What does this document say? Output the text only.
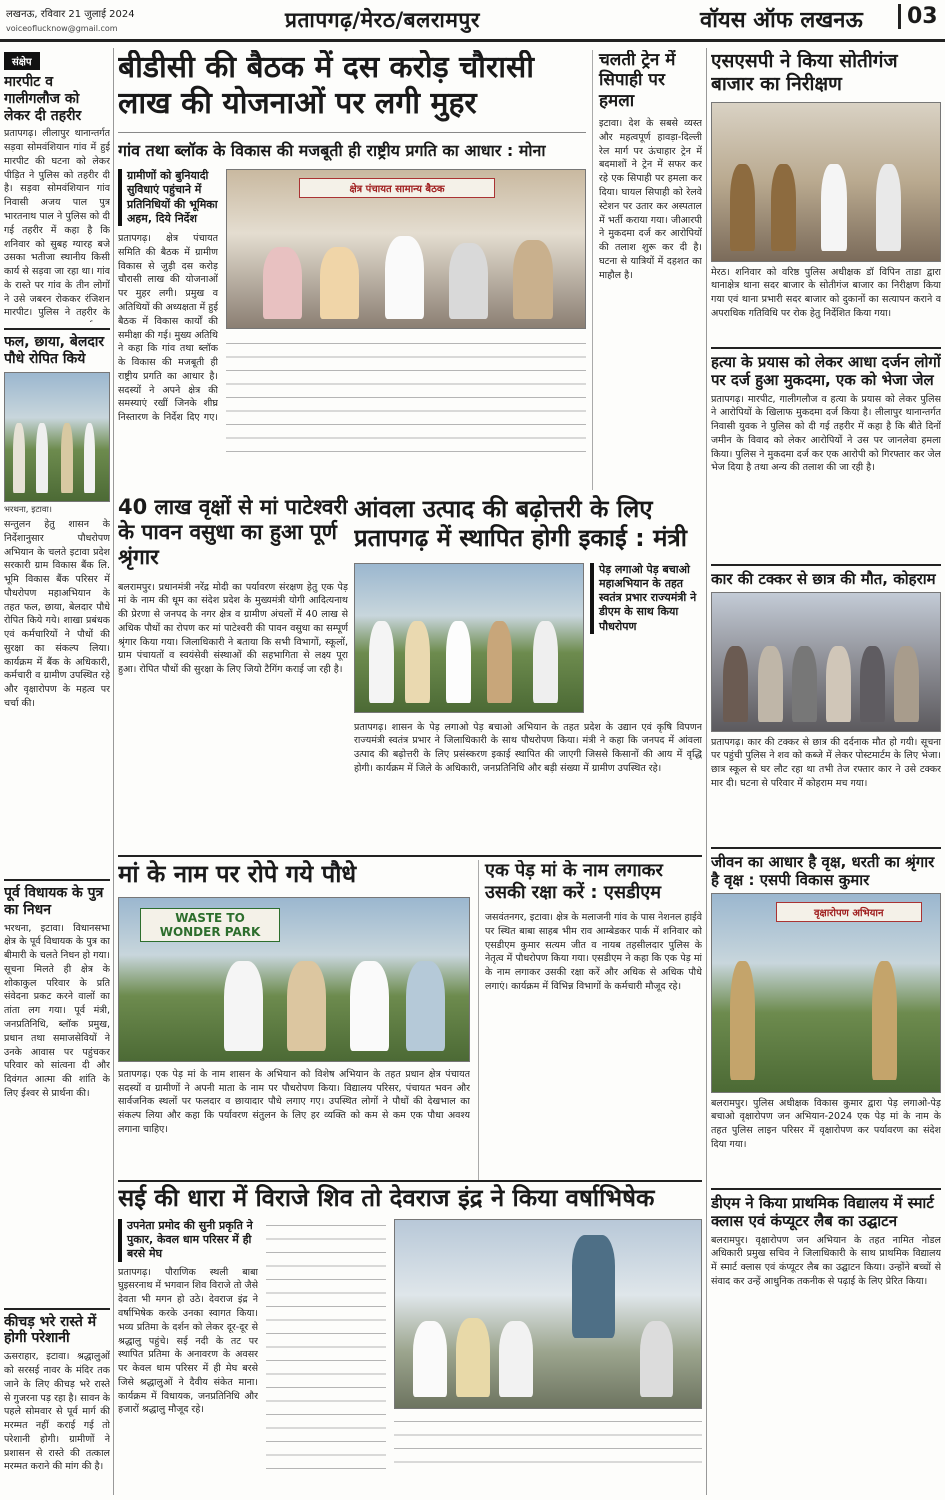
लखनऊ, रविवार 21 जुलाई 2024
voiceoflucknow@gmail.com	प्रतापगढ़/मेरठ/बलरामपुर	वॉयस ऑफ लखनऊ	03
संक्षेप
मारपीट व गालीगलौज को लेकर दी तहरीर
प्रतापगढ़। लीलापुर थानान्तर्गत सड़वा सोमवंशियान गांव में हुई मारपीट की घटना को लेकर पीड़ित ने पुलिस को तहरीर दी है। सड़वा सोमवंशियान गांव निवासी अजय पाल पुत्र भारतनाथ पाल ने पुलिस को दी गई तहरीर में कहा है कि शनिवार को सुबह ग्यारह बजे उसका भतीजा स्थानीय किसी कार्य से सड़वा जा रहा था। गांव के रास्ते पर गांव के तीन लोगों ने उसे जबरन रोककर रंजिशन मारपीट। पुलिस ने तहरीर के
फल, छाया, बेलदार पौधे रोपित किये
भरथना, इटावा।
सन्तुलन हेतु शासन के निर्देशानुसार पौधरोपण अभियान के चलते इटावा प्रदेश सरकारी ग्राम विकास बैंक लि. भूमि विकास बैंक परिसर में पौधरोपण महाअभियान के तहत फल, छाया, बेलदार पौधे रोपित किये गये। शाखा प्रबंधक एवं कर्मचारियों ने पौधों की सुरक्षा का संकल्प लिया। कार्यक्रम में बैंक के अधिकारी, कर्मचारी व ग्रामीण उपस्थित रहे और वृक्षारोपण के महत्व पर चर्चा की।
पूर्व विधायक के पुत्र का निधन
भरथना, इटावा। विधानसभा क्षेत्र के पूर्व विधायक के पुत्र का बीमारी के चलते निधन हो गया। सूचना मिलते ही क्षेत्र के शोकाकुल परिवार के प्रति संवेदना प्रकट करने वालों का तांता लग गया। पूर्व मंत्री, जनप्रतिनिधि, ब्लॉक प्रमुख, प्रधान तथा समाजसेवियों ने उनके आवास पर पहुंचकर परिवार को सांत्वना दी और दिवंगत आत्मा की शांति के लिए ईश्वर से प्रार्थना की।
कीचड़ भरे रास्ते में होगी परेशानी
ऊसराहार, इटावा। श्रद्धालुओं को सरसई नावर के मंदिर तक जाने के लिए कीचड़ भरे रास्ते से गुजरना पड़ रहा है। सावन के पहले सोमवार से पूर्व मार्ग की मरम्मत नहीं कराई गई तो परेशानी होगी। ग्रामीणों ने प्रशासन से रास्ते की तत्काल मरम्मत कराने की मांग की है।
बीडीसी की बैठक में दस करोड़ चौरासी लाख की योजनाओं पर लगी मुहर
गांव तथा ब्लॉक के विकास की मजबूती ही राष्ट्रीय प्रगति का आधार : मोना
ग्रामीणों को बुनियादी सुविधाएं पहुंचाने में प्रतिनिधियों की भूमिका अहम, दिये निर्देश
प्रतापगढ़। क्षेत्र पंचायत समिति की बैठक में ग्रामीण विकास से जुड़ी दस करोड़ चौरासी लाख की योजनाओं पर मुहर लगी। प्रमुख व अतिथियों की अध्यक्षता में हुई बैठक में विकास कार्यों की समीक्षा की गई। मुख्य अतिथि ने कहा कि गांव तथा ब्लॉक के विकास की मजबूती ही राष्ट्रीय प्रगति का आधार है। सदस्यों ने अपने क्षेत्र की समस्याएं रखीं जिनके शीघ्र निस्तारण के निर्देश दिए गए।
क्षेत्र पंचायत सामान्य बैठक
चलती ट्रेन में सिपाही पर हमला
इटावा। देश के सबसे व्यस्त और महत्वपूर्ण हावड़ा-दिल्ली रेल मार्ग पर ऊंचाहार ट्रेन में बदमाशों ने ट्रेन में सफर कर रहे एक सिपाही पर हमला कर दिया। घायल सिपाही को रेलवे स्टेशन पर उतार कर अस्पताल में भर्ती कराया गया। जीआरपी ने मुकदमा दर्ज कर आरोपियों की तलाश शुरू कर दी है। घटना से यात्रियों में दहशत का माहौल है।
40 लाख वृक्षों से मां पाटेश्वरी के पावन वसुधा का हुआ पूर्ण श्रृंगार
बलरामपुर। प्रधानमंत्री नरेंद्र मोदी का पर्यावरण संरक्षण हेतु एक पेड़ मां के नाम की धूम का संदेश प्रदेश के मुख्यमंत्री योगी आदित्यनाथ की प्रेरणा से जनपद के नगर क्षेत्र व ग्रामीण अंचलों में 40 लाख से अधिक पौधों का रोपण कर मां पाटेश्वरी की पावन वसुधा का सम्पूर्ण श्रृंगार किया गया। जिलाधिकारी ने बताया कि सभी विभागों, स्कूलों, ग्राम पंचायतों व स्वयंसेवी संस्थाओं की सहभागिता से लक्ष्य पूरा हुआ। रोपित पौधों की सुरक्षा के लिए जियो टैगिंग कराई जा रही है।
आंवला उत्पाद की बढ़ोत्तरी के लिए प्रतापगढ़ में स्थापित होगी इकाई : मंत्री
पेड़ लगाओ पेड़ बचाओ महाअभियान के तहत स्वतंत्र प्रभार राज्यमंत्री ने डीएम के साथ किया पौधरोपण
प्रतापगढ़। शासन के पेड़ लगाओ पेड़ बचाओ अभियान के तहत प्रदेश के उद्यान एवं कृषि विपणन राज्यमंत्री स्वतंत्र प्रभार ने जिलाधिकारी के साथ पौधरोपण किया। मंत्री ने कहा कि जनपद में आंवला उत्पाद की बढ़ोत्तरी के लिए प्रसंस्करण इकाई स्थापित की जाएगी जिससे किसानों की आय में वृद्धि होगी। कार्यक्रम में जिले के अधिकारी, जनप्रतिनिधि और बड़ी संख्या में ग्रामीण उपस्थित रहे।
मां के नाम पर रोपे गये पौधे
WASTE TO WONDER PARK
प्रतापगढ़। एक पेड़ मां के नाम शासन के अभियान को विशेष अभियान के तहत प्रधान क्षेत्र पंचायत सदस्यों व ग्रामीणों ने अपनी माता के नाम पर पौधरोपण किया। विद्यालय परिसर, पंचायत भवन और सार्वजनिक स्थलों पर फलदार व छायादार पौधे लगाए गए। उपस्थित लोगों ने पौधों की देखभाल का संकल्प लिया और कहा कि पर्यावरण संतुलन के लिए हर व्यक्ति को कम से कम एक पौधा अवश्य लगाना चाहिए।
एक पेड़ मां के नाम लगाकर उसकी रक्षा करें : एसडीएम
जसवंतनगर, इटावा। क्षेत्र के मलाजनी गांव के पास नेशनल हाईवे पर स्थित बाबा साहब भीम राव आम्बेडकर पार्क में शनिवार को एसडीएम कुमार सत्यम जीत व नायब तहसीलदार पुलिस के नेतृत्व में पौधरोपण किया गया। एसडीएम ने कहा कि एक पेड़ मां के नाम लगाकर उसकी रक्षा करें और अधिक से अधिक पौधे लगाएं। कार्यक्रम में विभिन्न विभागों के कर्मचारी मौजूद रहे।
सई की धारा में विराजे शिव तो देवराज इंद्र ने किया वर्षाभिषेक
उपनेता प्रमोद की सुनी प्रकृति ने पुकार, केवल धाम परिसर में ही बरसे मेघ
प्रतापगढ़। पौराणिक स्थली बाबा घुइसरनाथ में भगवान शिव विराजे तो जैसे देवता भी मगन हो उठे। देवराज इंद्र ने वर्षाभिषेक करके उनका स्वागत किया। भव्य प्रतिमा के दर्शन को लेकर दूर-दूर से श्रद्धालु पहुंचे। सई नदी के तट पर स्थापित प्रतिमा के अनावरण के अवसर पर केवल धाम परिसर में ही मेघ बरसे जिसे श्रद्धालुओं ने दैवीय संकेत माना। कार्यक्रम में विधायक, जनप्रतिनिधि और हजारों श्रद्धालु मौजूद रहे।
एसएसपी ने किया सोतीगंज बाजार का निरीक्षण
मेरठ। शनिवार को वरिष्ठ पुलिस अधीक्षक डॉ विपिन ताडा द्वारा थानाक्षेत्र थाना सदर बाजार के सोतीगंज बाजार का निरीक्षण किया गया एवं थाना प्रभारी सदर बाजार को दुकानों का सत्यापन कराने व अपराधिक गतिविधि पर रोक हेतु निर्देशित किया गया।
हत्या के प्रयास को लेकर आधा दर्जन लोगों पर दर्ज हुआ मुकदमा, एक को भेजा जेल
प्रतापगढ़। मारपीट, गालीगलौज व हत्या के प्रयास को लेकर पुलिस ने आरोपियों के खिलाफ मुकदमा दर्ज किया है। लीलापुर थानान्तर्गत निवासी युवक ने पुलिस को दी गई तहरीर में कहा है कि बीते दिनों जमीन के विवाद को लेकर आरोपियों ने उस पर जानलेवा हमला किया। पुलिस ने मुकदमा दर्ज कर एक आरोपी को गिरफ्तार कर जेल भेज दिया है तथा अन्य की तलाश की जा रही है।
कार की टक्कर से छात्र की मौत, कोहराम
प्रतापगढ़। कार की टक्कर से छात्र की दर्दनाक मौत हो गयी। सूचना पर पहुंची पुलिस ने शव को कब्जे में लेकर पोस्टमार्टम के लिए भेजा। छात्र स्कूल से घर लौट रहा था तभी तेज रफ्तार कार ने उसे टक्कर मार दी। घटना से परिवार में कोहराम मच गया।
जीवन का आधार है वृक्ष, धरती का श्रृंगार है वृक्ष : एसपी विकास कुमार
वृक्षारोपण अभियान
बलरामपुर। पुलिस अधीक्षक विकास कुमार द्वारा पेड़ लगाओ-पेड़ बचाओ वृक्षारोपण जन अभियान-2024 एक पेड़ मां के नाम के तहत पुलिस लाइन परिसर में वृक्षारोपण कर पर्यावरण का संदेश दिया गया।
डीएम ने किया प्राथमिक विद्यालय में स्मार्ट क्लास एवं कंप्यूटर लैब का उद्घाटन
बलरामपुर। वृक्षारोपण जन अभियान के तहत नामित नोडल अधिकारी प्रमुख सचिव ने जिलाधिकारी के साथ प्राथमिक विद्यालय में स्मार्ट क्लास एवं कंप्यूटर लैब का उद्घाटन किया। उन्होंने बच्चों से संवाद कर उन्हें आधुनिक तकनीक से पढ़ाई के लिए प्रेरित किया।
